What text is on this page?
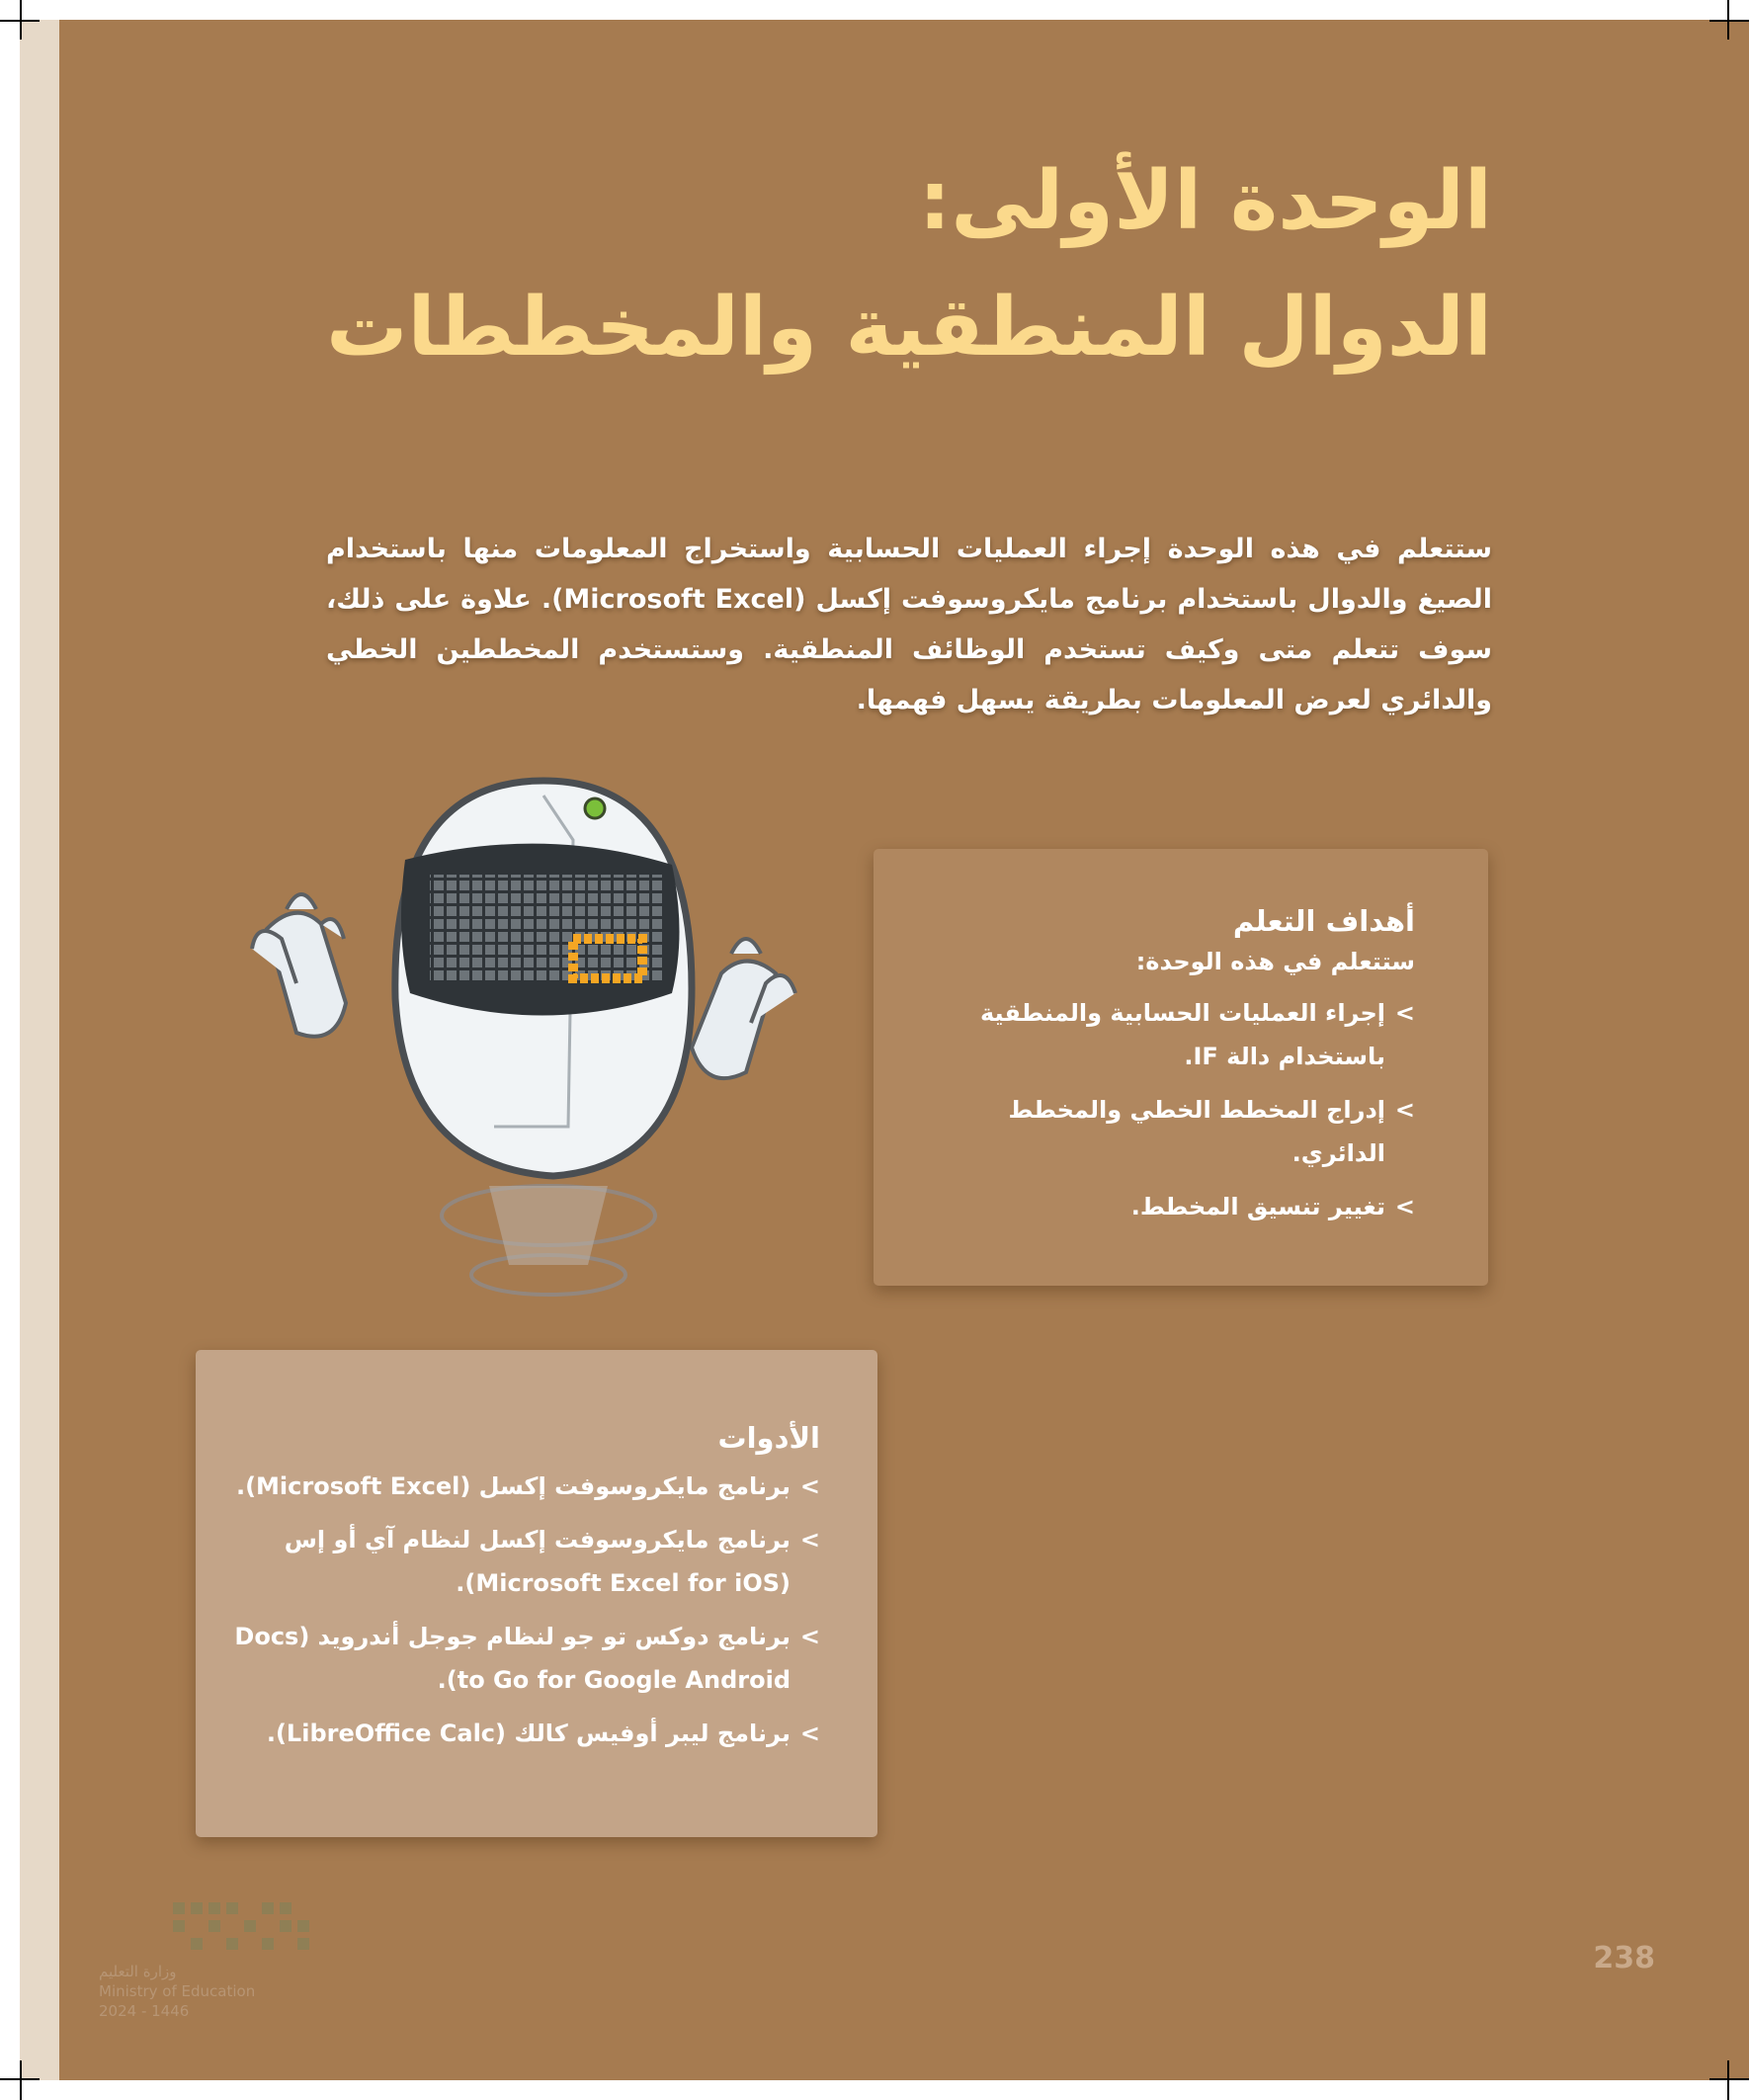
الوحدة الأولى:
الدوال المنطقية والمخططات
ستتعلم في هذه الوحدة إجراء العمليات الحسابية واستخراج المعلومات منها باستخدام الصيغ والدوال باستخدام برنامج مايكروسوفت إكسل (Microsoft Excel). علاوة على ذلك، سوف تتعلم متى وكيف تستخدم الوظائف المنطقية. وستستخدم المخططين الخطي والدائري لعرض المعلومات بطريقة يسهل فهمها.
أهداف التعلم
ستتعلم في هذه الوحدة:
>
إجراء العمليات الحسابية والمنطقية باستخدام دالة IF.
>
إدراج المخطط الخطي والمخطط الدائري.
>
تغيير تنسيق المخطط.
الأدوات
>
برنامج مايكروسوفت إكسل (Microsoft Excel).
>
برنامج مايكروسوفت إكسل لنظام آي أو إس (Microsoft Excel for iOS).
>
برنامج دوكس تو جو لنظام جوجل أندرويد (Docs to Go for Google Android).
>
برنامج ليبر أوفيس كالك (LibreOffice Calc).
وزارة التعليم
Ministry of Education
2024 - 1446
238
